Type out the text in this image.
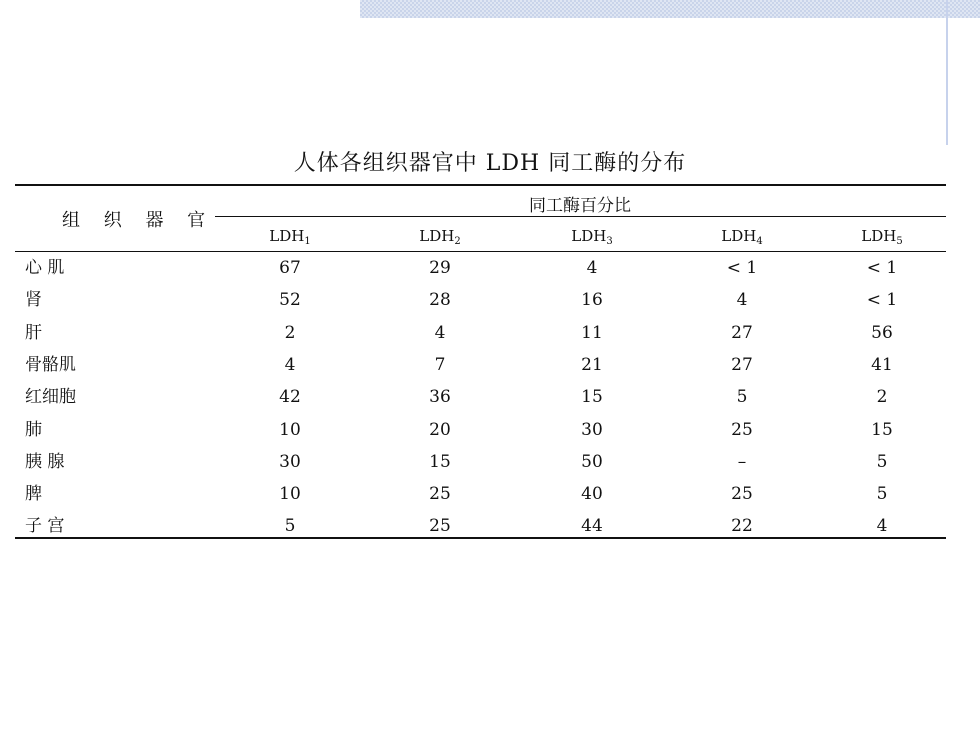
人体各组织器官中 LDH 同工酶的分布
组 织 器 官
同工酶百分比
$LDH_1$	$LDH_2$	$LDH_3$	$LDH_4$	$LDH_5$
心 肌	67	29	4	< 1	< 1
肾	52	28	16	4	< 1
肝	2	4	11	27	56
骨骼肌	4	7	21	27	41
红细胞	42	36	15	5	2
肺	10	20	30	25	15
胰 腺	30	15	50	–	5
脾	10	25	40	25	5
子 宫	5	25	44	22	4
